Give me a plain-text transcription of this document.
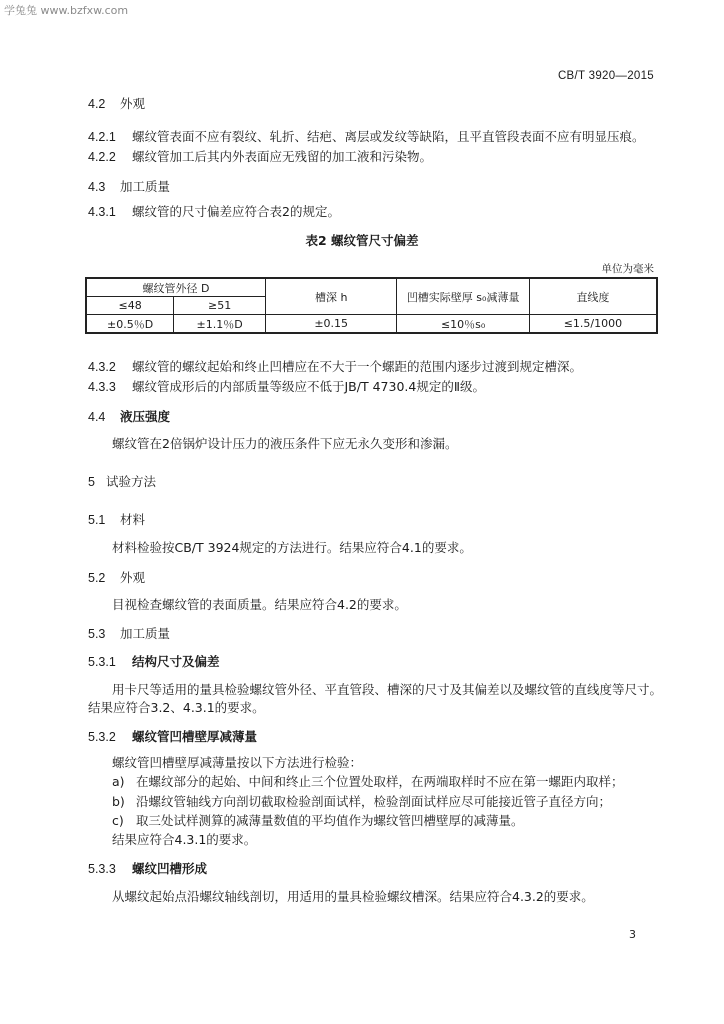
学兔兔 www.bzfxw.com
CB/T 3920—2015
4.2 外观
4.2.1 螺纹管表面不应有裂纹、轧折、结疤、离层或发纹等缺陷，且平直管段表面不应有明显压痕。
4.2.2 螺纹管加工后其内外表面应无残留的加工液和污染物。
4.3 加工质量
4.3.1 螺纹管的尺寸偏差应符合表2的规定。
表2 螺纹管尺寸偏差
单位为毫米
螺纹管外径 D		槽深 h	凹槽实际壁厚 s₀减薄量	直线度
≤48	≥51			
±0.5％D	±1.1％D	±0.15	≤10％s₀	≤1.5/1000
4.3.2 螺纹管的螺纹起始和终止凹槽应在不大于一个螺距的范围内逐步过渡到规定槽深。
4.3.3 螺纹管成形后的内部质量等级应不低于JB/T 4730.4规定的Ⅱ级。
4.4 液压强度
螺纹管在2倍锅炉设计压力的液压条件下应无永久变形和渗漏。
5 试验方法
5.1 材料
材料检验按CB/T 3924规定的方法进行。结果应符合4.1的要求。
5.2 外观
目视检查螺纹管的表面质量。结果应符合4.2的要求。
5.3 加工质量
5.3.1 结构尺寸及偏差
用卡尺等适用的量具检验螺纹管外径、平直管段、槽深的尺寸及其偏差以及螺纹管的直线度等尺寸。
结果应符合3.2、4.3.1的要求。
5.3.2 螺纹管凹槽壁厚减薄量
螺纹管凹槽壁厚减薄量按以下方法进行检验：
a) 在螺纹部分的起始、中间和终止三个位置处取样，在两端取样时不应在第一螺距内取样；
b) 沿螺纹管轴线方向剖切截取检验剖面试样，检验剖面试样应尽可能接近管子直径方向；
c) 取三处试样测算的减薄量数值的平均值作为螺纹管凹槽壁厚的减薄量。
结果应符合4.3.1的要求。
5.3.3 螺纹凹槽形成
从螺纹起始点沿螺纹轴线剖切，用适用的量具检验螺纹槽深。结果应符合4.3.2的要求。
3
